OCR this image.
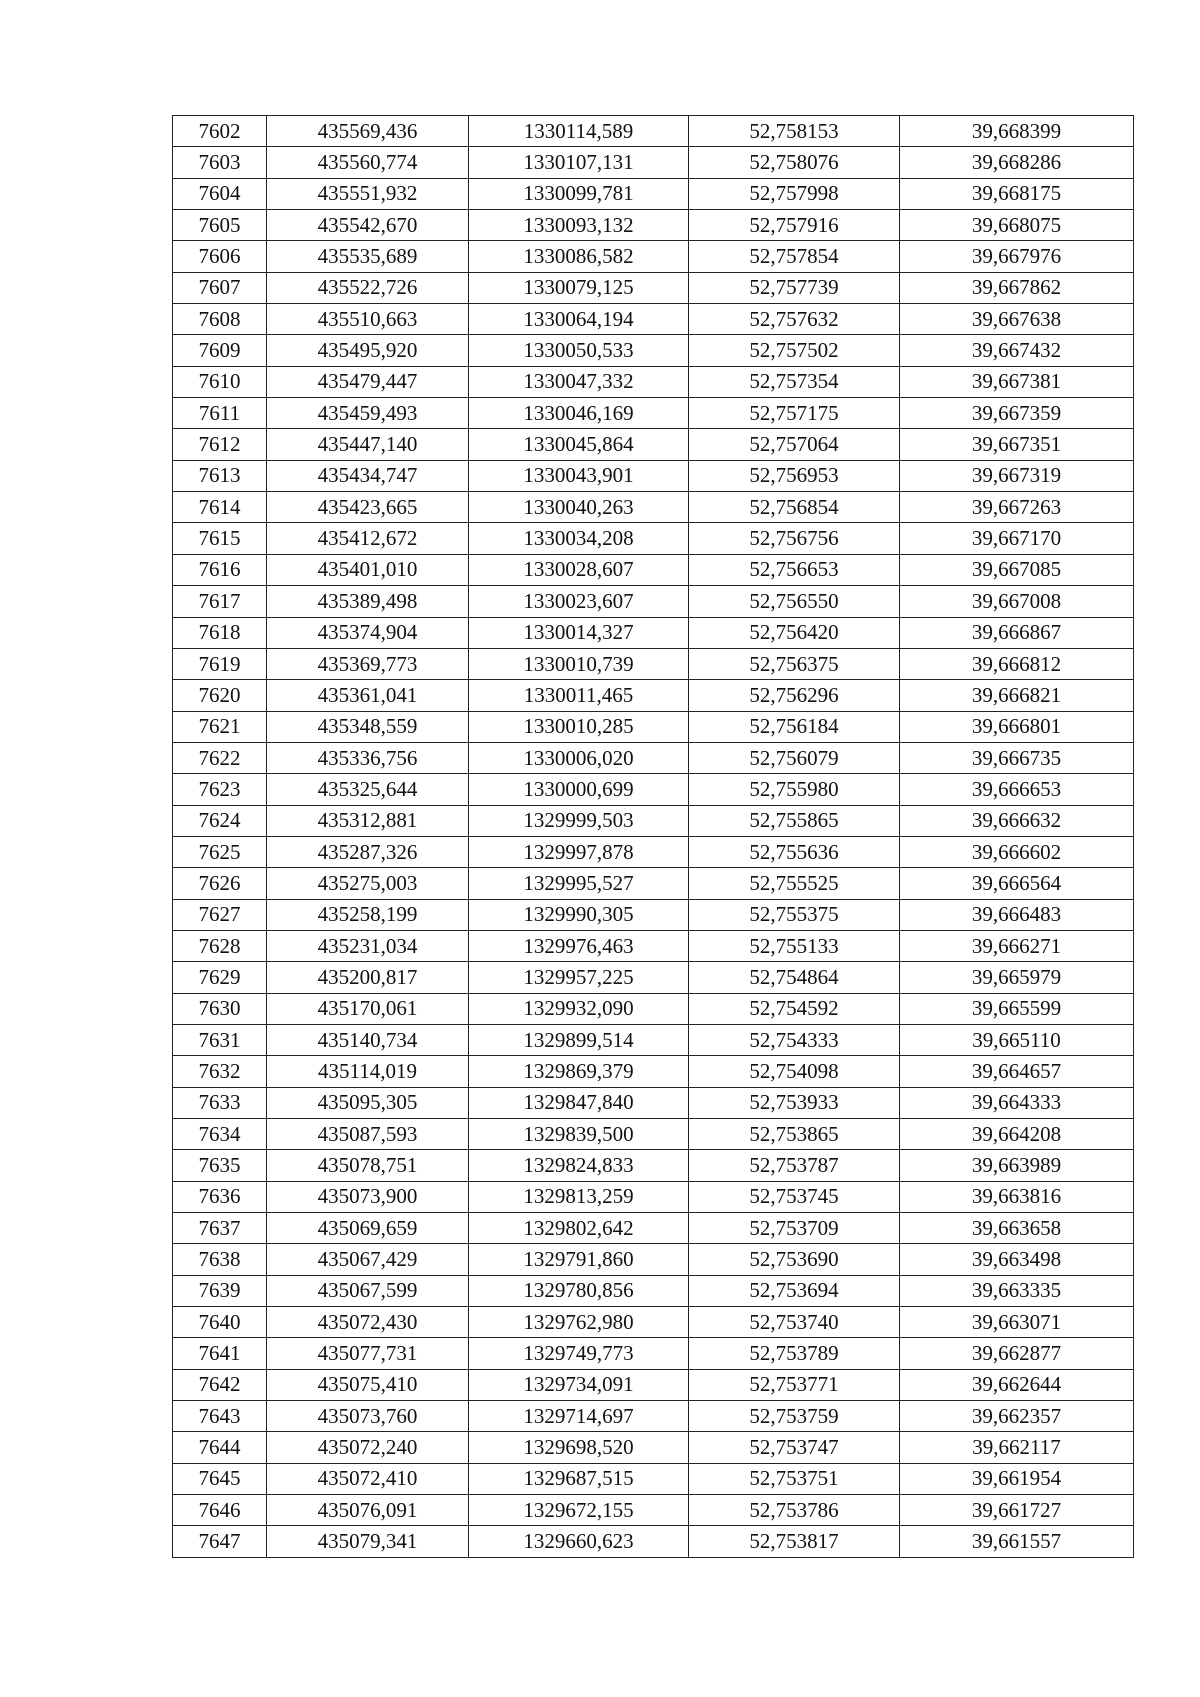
7602	435569,436	1330114,589	52,758153	39,668399
7603	435560,774	1330107,131	52,758076	39,668286
7604	435551,932	1330099,781	52,757998	39,668175
7605	435542,670	1330093,132	52,757916	39,668075
7606	435535,689	1330086,582	52,757854	39,667976
7607	435522,726	1330079,125	52,757739	39,667862
7608	435510,663	1330064,194	52,757632	39,667638
7609	435495,920	1330050,533	52,757502	39,667432
7610	435479,447	1330047,332	52,757354	39,667381
7611	435459,493	1330046,169	52,757175	39,667359
7612	435447,140	1330045,864	52,757064	39,667351
7613	435434,747	1330043,901	52,756953	39,667319
7614	435423,665	1330040,263	52,756854	39,667263
7615	435412,672	1330034,208	52,756756	39,667170
7616	435401,010	1330028,607	52,756653	39,667085
7617	435389,498	1330023,607	52,756550	39,667008
7618	435374,904	1330014,327	52,756420	39,666867
7619	435369,773	1330010,739	52,756375	39,666812
7620	435361,041	1330011,465	52,756296	39,666821
7621	435348,559	1330010,285	52,756184	39,666801
7622	435336,756	1330006,020	52,756079	39,666735
7623	435325,644	1330000,699	52,755980	39,666653
7624	435312,881	1329999,503	52,755865	39,666632
7625	435287,326	1329997,878	52,755636	39,666602
7626	435275,003	1329995,527	52,755525	39,666564
7627	435258,199	1329990,305	52,755375	39,666483
7628	435231,034	1329976,463	52,755133	39,666271
7629	435200,817	1329957,225	52,754864	39,665979
7630	435170,061	1329932,090	52,754592	39,665599
7631	435140,734	1329899,514	52,754333	39,665110
7632	435114,019	1329869,379	52,754098	39,664657
7633	435095,305	1329847,840	52,753933	39,664333
7634	435087,593	1329839,500	52,753865	39,664208
7635	435078,751	1329824,833	52,753787	39,663989
7636	435073,900	1329813,259	52,753745	39,663816
7637	435069,659	1329802,642	52,753709	39,663658
7638	435067,429	1329791,860	52,753690	39,663498
7639	435067,599	1329780,856	52,753694	39,663335
7640	435072,430	1329762,980	52,753740	39,663071
7641	435077,731	1329749,773	52,753789	39,662877
7642	435075,410	1329734,091	52,753771	39,662644
7643	435073,760	1329714,697	52,753759	39,662357
7644	435072,240	1329698,520	52,753747	39,662117
7645	435072,410	1329687,515	52,753751	39,661954
7646	435076,091	1329672,155	52,753786	39,661727
7647	435079,341	1329660,623	52,753817	39,661557
